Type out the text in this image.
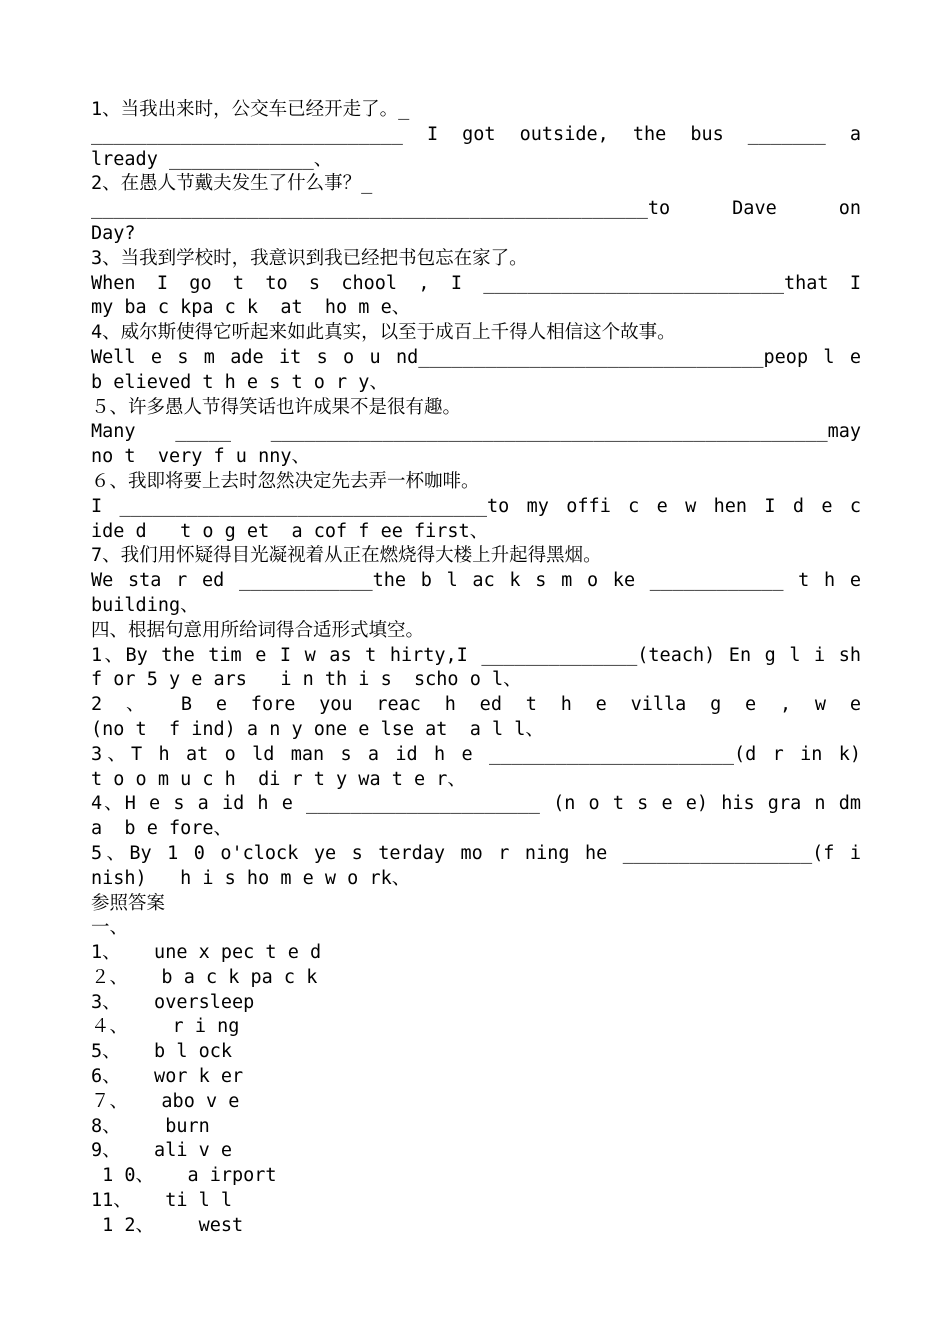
1、当我出来时，公交车已经开走了。_
____________________________ I got outside, the bus _______ a
lready _____________、
2、在愚人节戴夫发生了什么事？_
__________________________________________________to Dave on
Day?
3、当我到学校时，我意识到我已经把书包忘在家了。
When I go t to s chool , I ___________________________that I
my ba c kpa c k  at  ho m e、
4、威尔斯使得它听起来如此真实，以至于成百上千得人相信这个故事。
Well e s m ade it s o u nd_______________________________peop l e
b elieved t h e s t o r y、
５、许多愚人节得笑话也许成果不是很有趣。
Many _____ __________________________________________________may
no t  very f u nny、
６、我即将要上去时忽然决定先去弄一杯咖啡。
I _________________________________to my offi c e w hen I d e c
ide d   t o g et  a cof f ee first、
7、我们用怀疑得目光凝视着从正在燃烧得大楼上升起得黑烟。
We sta r ed ____________the b l ac k s m o ke ____________ t h e
building、
四、根据句意用所给词得合适形式填空。
1、By the tim e I w as t hirty,I ______________(teach) En g l i sh
f or 5 y e ars   i n th i s  scho o l、
2 、 B e fore you reac h ed t h e villa g e , w e
(no t  f ind) a n y one e lse at  a l l、
3、T h at o ld man s a id h e ______________________(d r in k)
t o o m u c h  di r t y wa t e r、
4、H e s a id h e _____________________ (n o t s e e) his gra n dm
a  b e fore、
5、By 1 0 o'clock ye s terday mo r ning he _________________(f i
nish)   h i s ho m e w o rk、
参照答案
一、
1、   une x pec t e d
２、   b a c k pa c k
3、   oversleep
４、    r i ng
5、   b l ock
6、   wor k er
７、   abo v e
8、    burn
9、   ali v e
1 0、   a irport
11、   ti l l
1 2、    west
